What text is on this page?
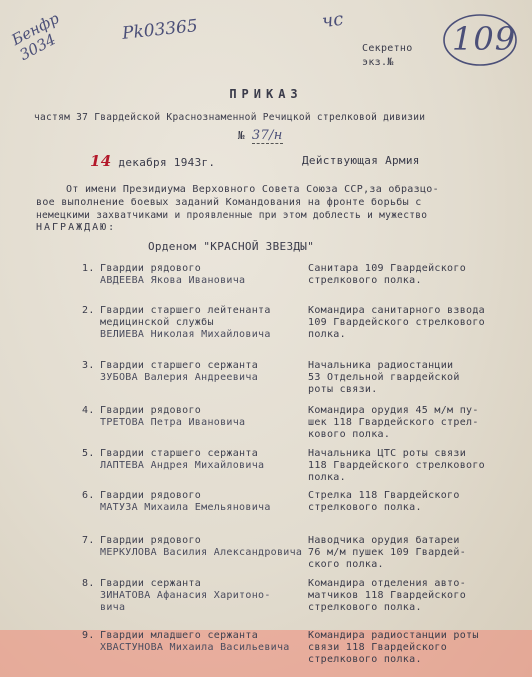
Бенфр
3034
Pk03365	чс
Секретно
экз.№
109
ПРИКАЗ
частям 37 Гвардейской Краснознаменной Речицкой стрелковой дивизии
№ 37/н
14 декабря 1943г.	Действующая Армия
От имени Президиума Верховного Совета Союза ССР,за образцо-
вое выполнение боевых заданий Командования на фронте борьбы с
немецкими захватчиками и проявленные при этом доблесть и мужество
НАГРАЖДАЮ:
Орденом "КРАСНОЙ ЗВЕЗДЫ"
1. Гвардии рядового
АВДЕЕВА Якова Ивановича
Санитара 109 Гвардейского
стрелкового полка.
2. Гвардии старшего лейтенанта
медицинской службы
ВЕЛИЕВА Николая Михайловича
Командира санитарного взвода
109 Гвардейского стрелкового
полка.
3. Гвардии старшего сержанта
ЗУБОВА Валерия Андреевича
Начальника радиостанции
53 Отдельной гвардейской
роты связи.
4. Гвардии рядового
ТРЕТОВА Петра Ивановича
Командира орудия 45 м/м пу-
шек 118 Гвардейского стрел-
кового полка.
5. Гвардии старшего сержанта
ЛАПТЕВА Андрея Михайловича
Начальника ЦТС роты связи
118 Гвардейского стрелкового
полка.
6. Гвардии рядового
МАТУЗА Михаила Емельяновича
Стрелка 118 Гвардейского
стрелкового полка.
7. Гвардии рядового
МЕРКУЛОВА Василия Александровича
Наводчика орудия батареи
76 м/м пушек 109 Гвардей-
ского полка.
8. Гвардии сержанта
ЗИНАТОВА Афанасия Харитоно-
вича
Командира отделения авто-
матчиков 118 Гвардейского
стрелкового полка.
9. Гвардии младшего сержанта
ХВАСТУНОВА Михаила Васильевича
Командира радиостанции роты
связи 118 Гвардейского
стрелкового полка.
